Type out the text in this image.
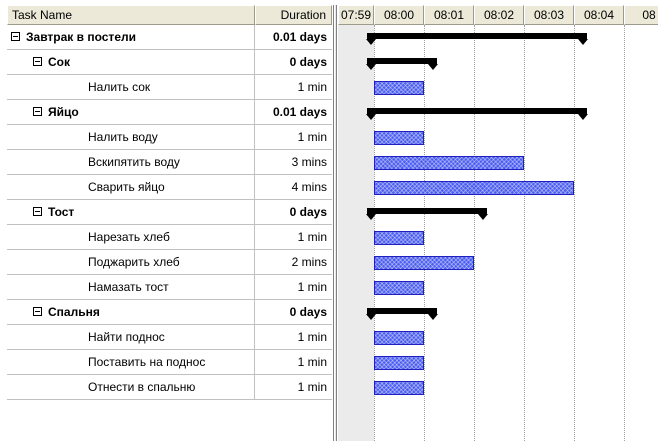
Task Name	Duration
Завтрак в постели	0.01 days
Сок	0 days
Налить сок	1 min
Яйцо	0.01 days
Налить воду	1 min
Вскипятить воду	3 mins
Сварить яйцо	4 mins
Тост	0 days
Нарезать хлеб	1 min
Поджарить хлеб	2 mins
Намазать тост	1 min
Спальня	0 days
Найти поднос	1 min
Поставить на поднос	1 min
Отнести в спальню	1 min
07:59	08:00	08:01	08:02	08:03	08:04	08
